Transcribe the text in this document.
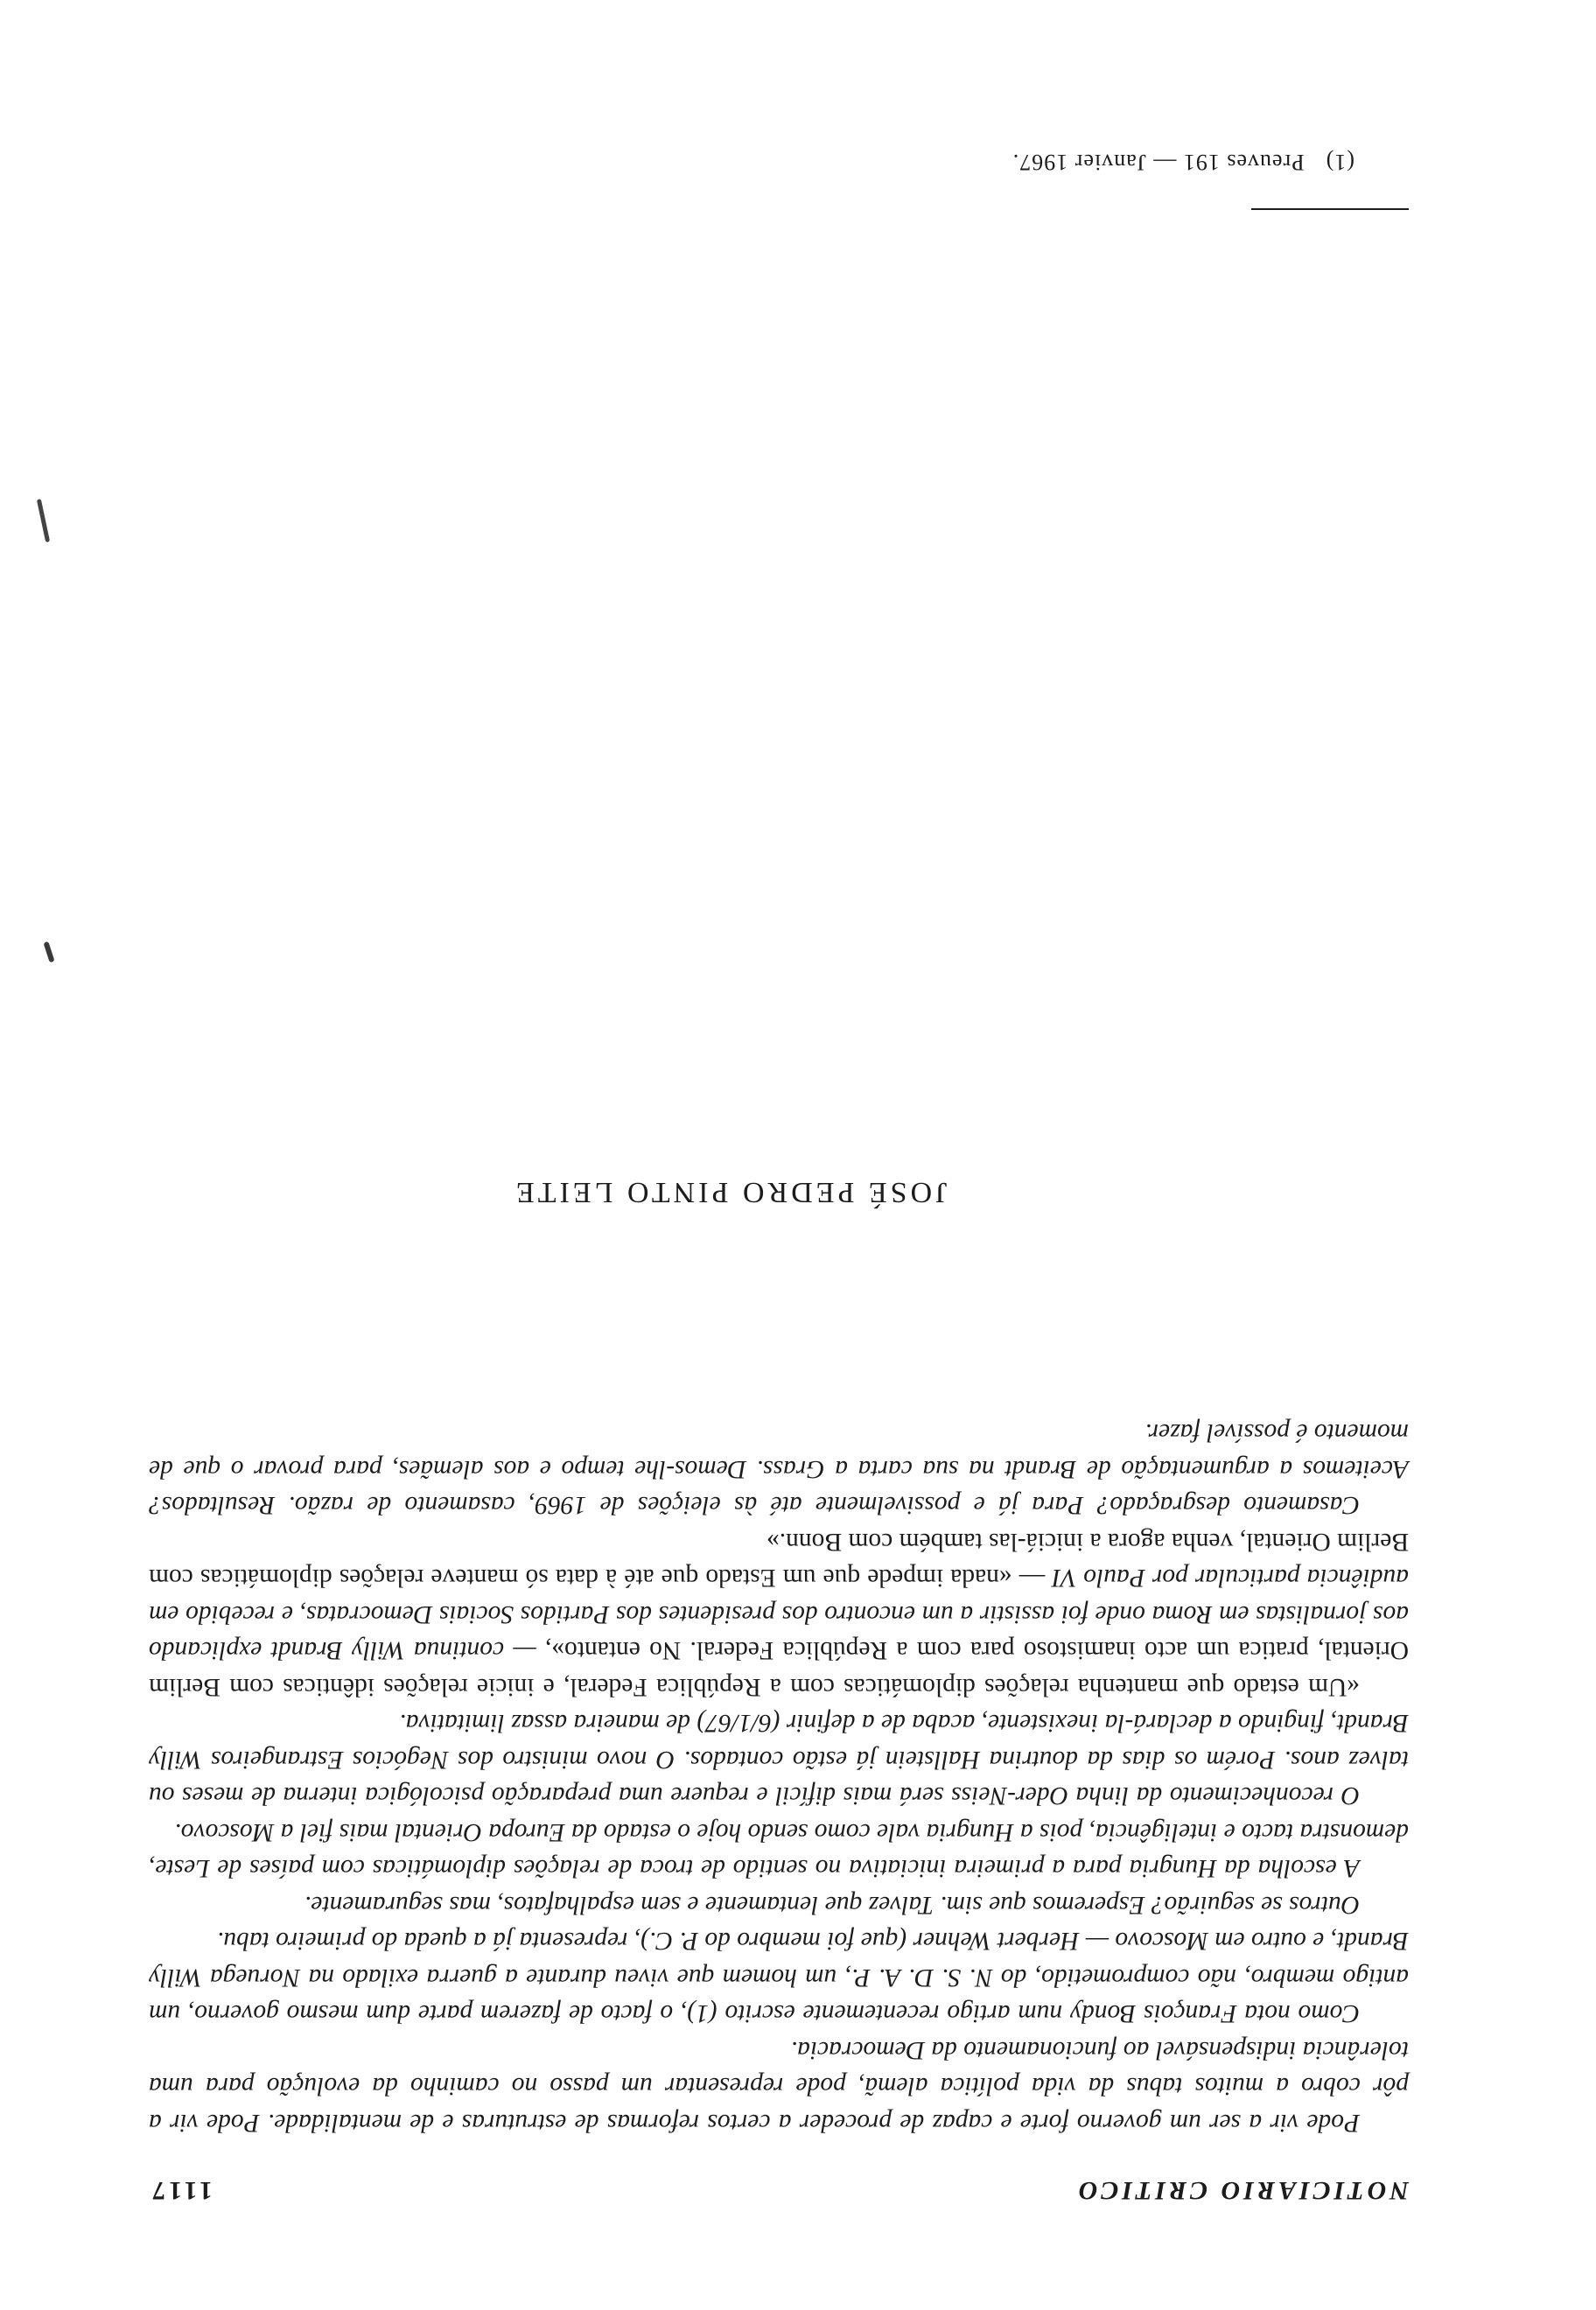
NOTICIARIO CRITICO
1117

Pode vir a ser um governo forte e capaz de proceder a certos reformas de estruturas e de mentalidade. Pode vir a pôr cobro a muitos tabus da vida política alemã, pode representar um passo no caminho da evolução para uma tolerância indispensável ao funcionamento da Democracia.

Como nota François Bondy num artigo recentemente escrito (1), o facto de fazerem parte dum mesmo governo, um antigo membro, não comprometido, do N. S. D. A. P., um homem que viveu durante a guerra exilado na Noruega Willy Brandt, e outro em Moscovo — Herbert Wehner (que foi membro do P. C.), representa já a queda do primeiro tabu.

Outros se seguirão? Esperemos que sim. Talvez que lentamente e sem espalhafatos, mas seguramente.

A escolha da Hungria para a primeira iniciativa no sentido de troca de relações diplomáticas com países de Leste, demonstra tacto e inteligência, pois a Hungria vale como sendo hoje o estado da Europa Oriental mais fiel a Moscovo.

O reconhecimento da linha Oder-Neiss será mais difícil e requere uma preparação psicológica interna de meses ou talvez anos. Porém os dias da doutrina Hallstein já estão contados. O novo ministro dos Negócios Estrangeiros Willy Brandt, fingindo a declará-la inexistente, acaba de a definir (6/1/67) de maneira assaz limitativa.

«Um estado que mantenha relações diplomáticas com a República Federal, e inicie relações idênticas com Berlim Oriental, pratica um acto inamistoso para com a República Federal. No entanto», — continua Willy Brandt explicando aos jornalistas em Roma onde foi assistir a um encontro dos presidentes dos Partidos Sociais Democratas, e recebido em audiência particular por Paulo VI — «nada impede que um Estado que até à data só manteve relações diplomáticas com Berlim Oriental, venha agora a iniciá-las também com Bonn.»

Casamento desgraçado? Para já e possivelmente até às eleições de 1969, casamento de razão. Resultados? Aceitemos a argumentação de Brandt na sua carta a Grass. Demos-lhe tempo e aos alemães, para provar o que de momento é possível fazer.

JOSÉ PEDRO PINTO LEITE
(1)Preuves 191 — Janvier 1967.
